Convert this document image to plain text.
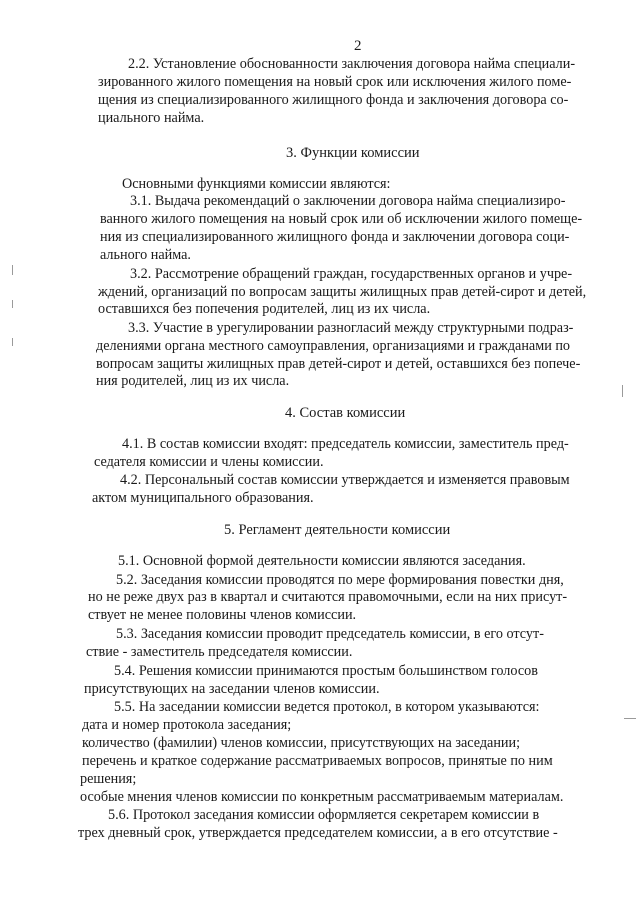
2
2.2. Установление обоснованности заключения договора найма специали-
зированного жилого помещения на новый срок или исключения жилого поме-
щения из специализированного жилищного фонда и заключения договора со-
циального найма.
3. Функции комиссии
Основными функциями комиссии являются:
3.1. Выдача рекомендаций о заключении договора найма специализиро-
ванного жилого помещения на новый срок или об исключении жилого помеще-
ния из специализированного жилищного фонда и заключении договора соци-
ального найма.
3.2. Рассмотрение обращений граждан, государственных органов и учре-
ждений, организаций по вопросам защиты жилищных прав детей-сирот и детей,
оставшихся без попечения родителей, лиц из их числа.
3.3. Участие в урегулировании разногласий между структурными подраз-
делениями органа местного самоуправления, организациями и гражданами по
вопросам защиты жилищных прав детей-сирот и детей, оставшихся без попече-
ния родителей, лиц из их числа.
4. Состав комиссии
4.1. В состав комиссии входят: председатель комиссии, заместитель пред-
седателя комиссии и члены комиссии.
4.2. Персональный состав комиссии утверждается и изменяется правовым
актом муниципального образования.
5. Регламент деятельности комиссии
5.1. Основной формой деятельности комиссии являются заседания.
5.2. Заседания комиссии проводятся по мере формирования повестки дня,
но не реже двух раз в квартал и считаются правомочными, если на них присут-
ствует не менее половины членов комиссии.
5.3. Заседания комиссии проводит председатель комиссии, в его отсут-
ствие - заместитель председателя комиссии.
5.4. Решения комиссии принимаются простым большинством голосов
присутствующих на заседании членов комиссии.
5.5. На заседании комиссии ведется протокол, в котором указываются:
дата и номер протокола заседания;
количество (фамилии) членов комиссии, присутствующих на заседании;
перечень и краткое содержание рассматриваемых вопросов, принятые по ним
решения;
особые мнения членов комиссии по конкретным рассматриваемым материалам.
5.6. Протокол заседания комиссии оформляется секретарем комиссии в
трех дневный срок, утверждается председателем комиссии, а в его отсутствие -
